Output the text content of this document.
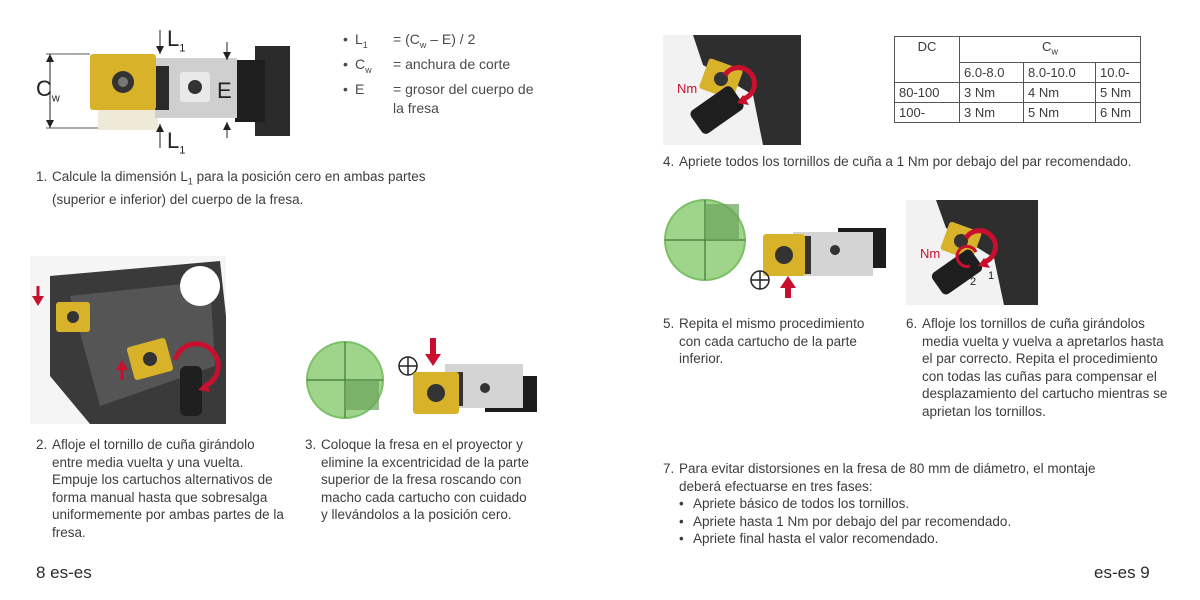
$C_w$
$L_1$
$L_1$
E
• $L_1$	= $(C_w - E) / 2$
• $C_w$	= anchura de corte
• E	= grosor del cuerpo de la fresa
1. Calcule la dimensión $L_1$ para la posición cero en ambas partes (superior e inferior) del cuerpo de la fresa.
2. Afloje el tornillo de cuña girándolo entre media vuelta y una vuelta. Empuje los cartuchos alternativos de forma manual hasta que sobresalga uniformemente por ambas partes de la fresa.
3. Coloque la fresa en el proyector y elimine la excentricidad de la parte superior de la fresa roscando con macho cada cartucho con cuidado y llevándolos a la posición cero.
8 es-es
Nm
DC	$C_w$
	6.0-8.0	8.0-10.0	10.0-
80-100	3 Nm	4 Nm	5 Nm
100-	3 Nm	5 Nm	6 Nm
4. Apriete todos los tornillos de cuña a 1 Nm por debajo del par recomendado.
Nm
1
2
5. Repita el mismo procedimiento con cada cartucho de la parte inferior.
6. Afloje los tornillos de cuña girándolos media vuelta y vuelva a apretarlos hasta el par correcto. Repita el procedimiento con todas las cuñas para compensar el desplazamiento del cartucho mientras se aprietan los tornillos.
7. Para evitar distorsiones en la fresa de 80 mm de diámetro, el montaje deberá efectuarse en tres fases:
• Apriete básico de todos los tornillos.
• Apriete hasta 1 Nm por debajo del par recomendado.
• Apriete final hasta el valor recomendado.
es-es 9
